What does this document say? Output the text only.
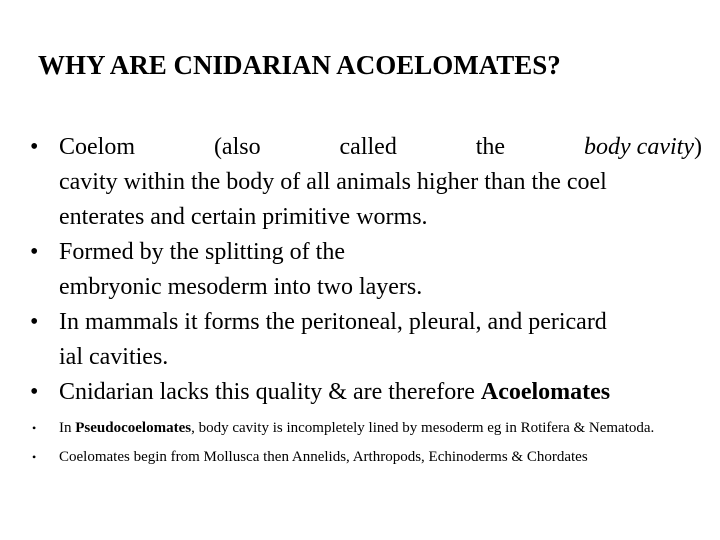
WHY ARE CNIDARIAN ACOELOMATES?
• Coelom	(also	called	the	body cavity)
cavity within the body of all animals higher than the coel
enterates and certain primitive worms.
• Formed by the splitting of the
embryonic mesoderm into two layers.
• In mammals it forms the peritoneal, pleural, and pericard
ial cavities.
• Cnidarian lacks this quality & are therefore Acoelomates
• In Pseudocoelomates, body cavity is incompletely lined by mesoderm eg in Rotifera & Nematoda.
• Coelomates begin from Mollusca then Annelids, Arthropods, Echinoderms & Chordates
